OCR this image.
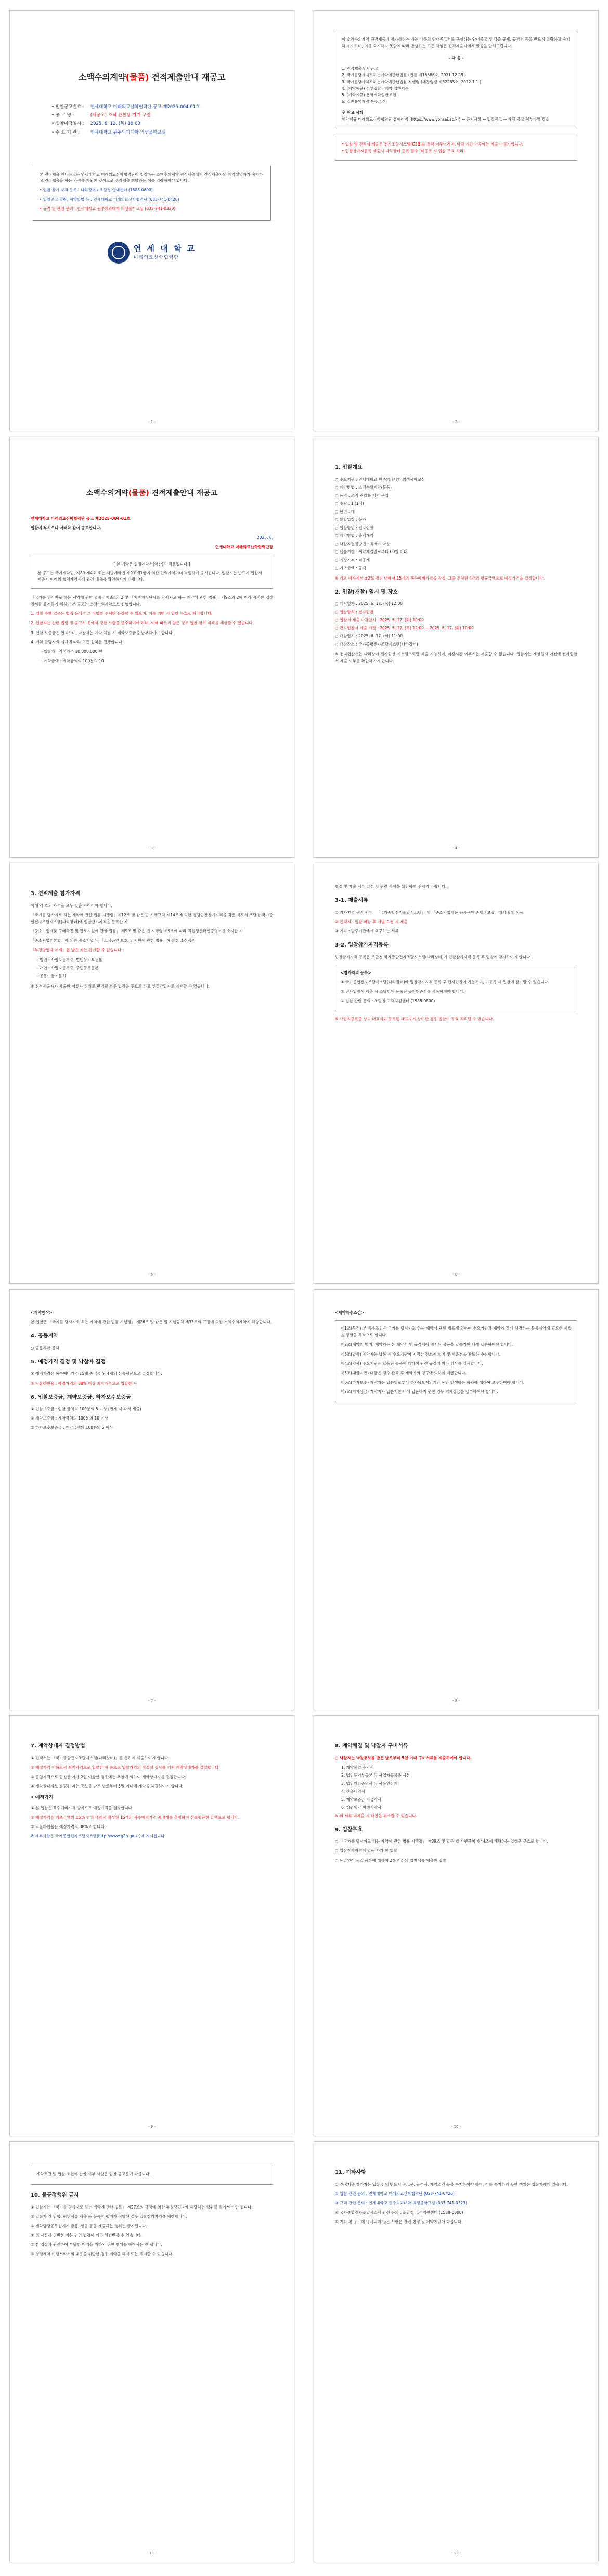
소액수의계약(물품) 견적제출안내 재공고
• 입찰공고번호 : 연세대학교 미래의료산학협력단 공고 제2025-004-01호
• 공 고 명 :	(재공고) 조직 관찰용 기기 구입
• 입찰마감일시 : 2025. 6. 12. (목) 10:00
• 수 요 기 관 : 연세대학교 원주의과대학 의생물학교실

본 견적제출 안내공고는 연세대학교 미래의료산학협력단이 입찰하는 소액수의계약 견적제출에서 견적제출자의 계약설명자가 숙지하고 견적제출을 하는 과정을 지원한 것이므로 견적제출 희망자는 이를 열람하여야 합니다.

• 입찰 참가 자격 등록 : 나라장터 / 조달청 안내센터 (1588-0800)

• 입찰공고 열람, 계약방법 등 : 연세대학교 미래의료산학협력단 (033-741-0420)

• 규격 및 관련 문의 : 연세대학교 원주의과대학 의생물학교실 (033-741-0323)

연 세 대 학 교
미래의료산학협력단
- 1 -

이 소액수의계약 견적제출에 참가하려는 자는 다음의 안내공고서를 구성하는 안내공고 및 각종 규제, 규격서 등을 반드시 열람하고 숙지하여야 하며, 이를 숙지하지 못함에 따라 발생하는 모든 책임은 견적제출자에게 있음을 알려드립니다.

- 다 음 -
1. 견적제출 안내공고
2. 국가를당사자로하는계약에관한법률 (법률 제18586호, 2021.12.28.)
3. 국가를당사자로하는계약에관한법률 시행령 (대통령령 제32285호, 2022.1.1.)
4. (계약예규) 정부입찰 · 계약 집행기준
5. (계약예규) 용역계약일반조건
6. 일반용역계약 특수조건
※ 참고 사항
계약예규 미래의료산학협력단 홈페이지 (https://www.yonsei.ac.kr) → 공지사항 → 입찰공고 → 해당 공고 첨부파일 참조
• 입찰 및 견적서 제출은 전자조달시스템(G2B)을 통해 이루어지며, 마감 시간 이후에는 제출이 불가합니다.
• 입찰참가자등록 제출시 나라장터 등록 필수 (미등록 시 입찰 무효 처리).
- 2 -
소액수의계약(물품) 견적제출안내 재공고

연세대학교 미래의료산학협력단 공고 제2025-004-01호

입찰에 부치오니 아래와 같이 공고합니다.

2025. 6.

연세대학교 미래의료산학협력단장

[ 본 계약은 협정계약서(약관)가 적용됩니다 ]
본 공고는 국가계약법, 제8조제4호 또는 지방계약법 제9조제1항에 의한 협력계약이며 적법하게 공시됩니다. 입찰자는 반드시 입찰서 제출시 아래의 협력계약서에 관련 내용을 확인하시기 바랍니다.

「국가를 당사자로 하는 계약에 관한 법률」제8조의 2 및 「지방자치단체를 당사자로 하는 계약에 관한 법률」 제9조의 2에 따라 공정한 입찰 질서를 유지하기 위하여 본 공고는 소액수의계약으로 진행합니다.

1. 입찰 수행 업무는 법령 등에 따른 적법한 주체만 응찰할 수 있으며, 이를 위반 시 입찰 무효로 처리합니다.

2. 입찰자는 관련 법령 및 공고서 등에서 정한 사항을 준수하여야 하며, 이에 따르지 않은 경우 입찰 참가 자격을 제한할 수 있습니다.

3. 입찰 보증금은 면제하며, 낙찰자는 계약 체결 시 계약보증금을 납부하여야 합니다.

4. 계약 담당자의 지시에 따라 모든 절차를 진행합니다.

- 입찰가 : 감정가격 10,000,000 원

- 계약금액 : 계약금액의 100분의 10

- 3 -
1. 입찰개요
○ 수요기관 : 연세대학교 원주의과대학 의생물학교실
○ 계약방법 : 소액수의계약(물품)
○ 품명 : 조직 관찰용 기기 구입
○ 수량 : 1 (1식)
○ 단위 : 대
○ 분할입찰 : 불가
○ 입찰방법 : 전자입찰
○ 계약방법 : 총액계약
○ 낙찰자결정방법 : 최저가 낙찰
○ 납품기한 : 계약체결일로부터 60일 이내
○ 예정가격 : 비공개
○ 기초금액 : 공개

※ 기초 예가에서 ±2% 범위 내에서 15개의 복수예비가격을 작성, 그중 추첨된 4개의 평균금액으로 예정가격을 결정합니다.

2. 입찰(개찰) 일시 및 장소
○ 게시일자 : 2025. 6. 12. (목) 12:00
○ 입찰방식 : 전자입찰
○ 입찰서 제출 마감일시 : 2025. 6. 17. (화) 10:00
○ 전자입찰서 제출 기간 : 2025. 6. 12. (목) 12:00 ~ 2025. 6. 17. (화) 10:00
○ 개찰일시 : 2025. 6. 17. (화) 11:00
○ 개찰장소 : 국가종합전자조달시스템(나라장터)

※ 전자입찰서는 나라장터 전자입찰 시스템으로만 제출 가능하며, 마감시간 이후에는 제출할 수 없습니다. 입찰자는 개찰일시 이전에 전자입찰서 제출 여부를 확인하여야 합니다.

- 4 -
3. 견적제출 참가자격

아래 각 호의 자격을 모두 갖춘 자이어야 합니다.

「국가를 당사자로 하는 계약에 관한 법률 시행령」제12조 및 같은 법 시행규칙 제14조에 의한 경쟁입찰참가자격을 갖춘 자로서 조달청 국가종합전자조달시스템(나라장터)에 입찰참가자격을 등록한 자

「중소기업제품 구매촉진 및 판로지원에 관한 법률」 제9조 및 같은 법 시행령 제9조에 따라 직접생산확인증명서를 소지한 자

「중소기업기본법」에 의한 중소기업 및 「소상공인 보호 및 지원에 관한 법률」에 의한 소상공인

「부정당업자 제재」를 받은 자는 참가할 수 없습니다.

- 법인 : 사업자등록증, 법인등기부등본
- 개인 : 사업자등록증, 주민등록등본
- 공동수급 : 불허

※ 견적제출자가 제출한 서류가 허위로 판명될 경우 입찰을 무효로 하고 부정당업자로 제재할 수 있습니다.

- 5 -

협정 및 제출 서류 일정 시 관련 사항을 확인하여 주시기 바랍니다.

3-1. 제출서류

① 참가자격 관련 서류 : 「국가종합전자조달시스템」 및 「중소기업제품 공공구매 종합정보망」에서 확인 가능

② 견적서 : 입찰 마감 후 개별 요청 시 제출

③ 기타 : 발주기관에서 요구하는 서류

3-2. 입찰참가자격등록

입찰참가자격 등록은 조달청 국가종합전자조달시스템(나라장터)에 입찰참가자격 등록 후 입찰에 참가하여야 합니다.

<참가자격 등록>

① 국가종합전자조달시스템(나라장터)에 입찰참가자격 등록 후 전자입찰이 가능하며, 미등록 시 입찰에 참가할 수 없습니다.

② 전자입찰서 제출 시 조달청에 등록된 공인인증서를 사용하여야 합니다.

③ 입찰 관련 문의 : 조달청 고객지원센터 (1588-0800)

※ 사업자등록증 상의 대표자와 등록된 대표자가 상이한 경우 입찰이 무효 처리될 수 있습니다.

- 6 -

<계약방식>

본 입찰은 「국가를 당사자로 하는 계약에 관한 법률 시행령」 제26조 및 같은 법 시행규칙 제33조의 규정에 의한 소액수의계약에 해당합니다.

4. 공동계약

○ 공동계약 불허

5. 예정가격 결정 및 낙찰자 결정

① 예정가격은 복수예비가격 15개 중 추첨된 4개의 산술평균으로 결정합니다.

② 낙찰하한율 : 예정가격의 88% 이상 최저가격으로 입찰한 자

6. 입찰보증금, 계약보증금, 하자보수보증금

① 입찰보증금 : 입찰 금액의 100분의 5 이상 (면제 시 각서 제출)

② 계약보증금 : 계약금액의 100분의 10 이상

③ 하자보수보증금 : 계약금액의 100분의 2 이상

- 7 -

<계약특수조건>

제1조(목적) 본 특수조건은 국가를 당사자로 하는 계약에 관한 법률에 의하여 수요기관과 계약자 간에 체결하는 물품계약에 필요한 사항을 정함을 목적으로 합니다.

제2조(계약의 범위) 계약자는 본 계약서 및 규격서에 명시된 물품을 납품기한 내에 납품하여야 합니다.

제3조(납품) 계약자는 납품 시 수요기관이 지정한 장소에 설치 및 시운전을 완료하여야 합니다.

제4조(검사) 수요기관은 납품된 물품에 대하여 관련 규정에 따라 검사를 실시합니다.

제5조(대금지급) 대금은 검수 완료 후 계약자의 청구에 의하여 지급합니다.

제6조(하자보수) 계약자는 납품일로부터 하자담보책임기간 동안 발생하는 하자에 대하여 보수하여야 합니다.

제7조(지체상금) 계약자가 납품기한 내에 납품하지 못한 경우 지체상금을 납부하여야 합니다.

- 8 -
7. 계약상대자 결정방법

① 견적서는 「국가종합전자조달시스템(나라장터)」를 통하여 제출하여야 합니다.

② 예정가격 이하로서 최저가격으로 입찰한 자 순으로 입찰가격의 적정성 심사를 거쳐 계약상대자를 결정합니다.

③ 동일가격으로 입찰한 자가 2인 이상인 경우에는 추첨에 의하여 계약상대자를 결정합니다.

④ 계약상대자로 결정된 자는 통보를 받은 날로부터 5일 이내에 계약을 체결하여야 합니다.

• 예정가격

① 본 입찰은 복수예비가격 방식으로 예정가격을 결정합니다.

② 예정가격은 기초금액의 ±2% 범위 내에서 작성된 15개의 복수예비가격 중 4개를 추첨하여 산술평균한 금액으로 합니다.

③ 낙찰하한율은 예정가격의 88%로 합니다.

※ 세부사항은 국가종합전자조달시스템(http://www.g2b.go.kr)에 게시됩니다.

- 9 -
8. 계약체결 및 낙찰자 구비서류

○ 낙찰자는 낙찰통보를 받은 날로부터 5일 이내 구비서류를 제출하여야 합니다.

1. 계약체결 승낙서
2. 법인등기부등본 및 사업자등록증 사본
3. 법인인감증명서 및 사용인감계
4. 산출내역서
5. 계약보증금 지급각서
6. 청렴계약 이행서약서

※ 위 서류 미제출 시 낙찰을 취소할 수 있습니다.

9. 입찰무효

○ 「국가를 당사자로 하는 계약에 관한 법률 시행령」 제39조 및 같은 법 시행규칙 제44조에 해당하는 입찰은 무효로 합니다.

○ 입찰참가자격이 없는 자가 한 입찰

○ 동일인이 동일 사항에 대하여 2통 이상의 입찰서를 제출한 입찰

- 10 -

계약조건 및 입찰 조건에 관한 세부 사항은 입찰 공고문에 따릅니다.

10. 불공정행위 금지

① 입찰자는 「국가를 당사자로 하는 계약에 관한 법률」 제27조의 규정에 의한 부정당업자에 해당하는 행위를 하여서는 안 됩니다.

② 입찰자 간 담합, 허위서류 제출 등 불공정 행위가 적발된 경우 입찰참가자격을 제한합니다.

③ 계약담당공무원에게 금품, 향응 등을 제공하는 행위는 금지됩니다.

④ 위 사항을 위반한 자는 관련 법령에 따라 처벌받을 수 있습니다.

⑤ 본 입찰과 관련하여 부당한 이익을 취하기 위한 행위를 하여서는 안 됩니다.

⑥ 청렴계약 이행서약서의 내용을 위반한 경우 계약을 해제 또는 해지할 수 있습니다.

- 11 -
11. 기타사항

① 견적제출 참가자는 입찰 전에 반드시 공고문, 규격서, 계약조건 등을 숙지하여야 하며, 이를 숙지하지 못한 책임은 입찰자에게 있습니다.

② 입찰 관련 문의 : 연세대학교 미래의료산학협력단 (033-741-0420)

③ 규격 관련 문의 : 연세대학교 원주의과대학 의생물학교실 (033-741-0323)

④ 국가종합전자조달시스템 관련 문의 : 조달청 고객지원센터 (1588-0800)

⑤ 기타 본 공고에 명시되지 않은 사항은 관련 법령 및 계약예규에 따릅니다.

- 12 -
